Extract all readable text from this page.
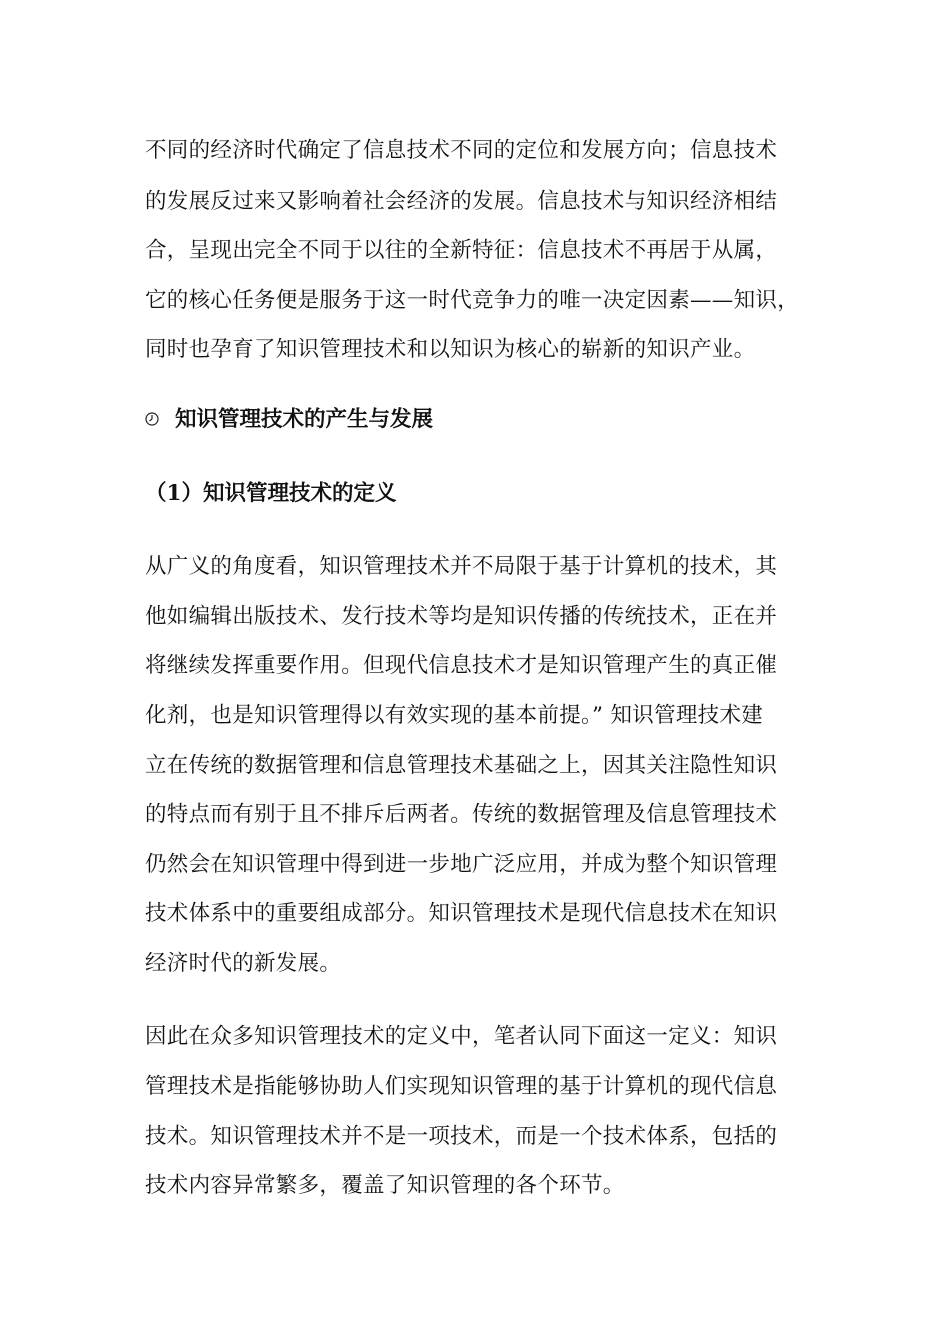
不同的经济时代确定了信息技术不同的定位和发展方向；信息技术
的发展反过来又影响着社会经济的发展。信息技术与知识经济相结
合，呈现出完全不同于以往的全新特征：信息技术不再居于从属，
它的核心任务便是服务于这一时代竞争力的唯一决定因素——知识，
同时也孕育了知识管理技术和以知识为核心的崭新的知识产业。
知识管理技术的产生与发展
（1）知识管理技术的定义
从广义的角度看，知识管理技术并不局限于基于计算机的技术，其
他如编辑出版技术、发行技术等均是知识传播的传统技术，正在并
将继续发挥重要作用。但现代信息技术才是知识管理产生的真正催
化剂，也是知识管理得以有效实现的基本前提。” 知识管理技术建
立在传统的数据管理和信息管理技术基础之上，因其关注隐性知识
的特点而有别于且不排斥后两者。传统的数据管理及信息管理技术
仍然会在知识管理中得到进一步地广泛应用，并成为整个知识管理
技术体系中的重要组成部分。知识管理技术是现代信息技术在知识
经济时代的新发展。
因此在众多知识管理技术的定义中，笔者认同下面这一定义：知识
管理技术是指能够协助人们实现知识管理的基于计算机的现代信息
技术。知识管理技术并不是一项技术，而是一个技术体系，包括的
技术内容异常繁多，覆盖了知识管理的各个环节。
